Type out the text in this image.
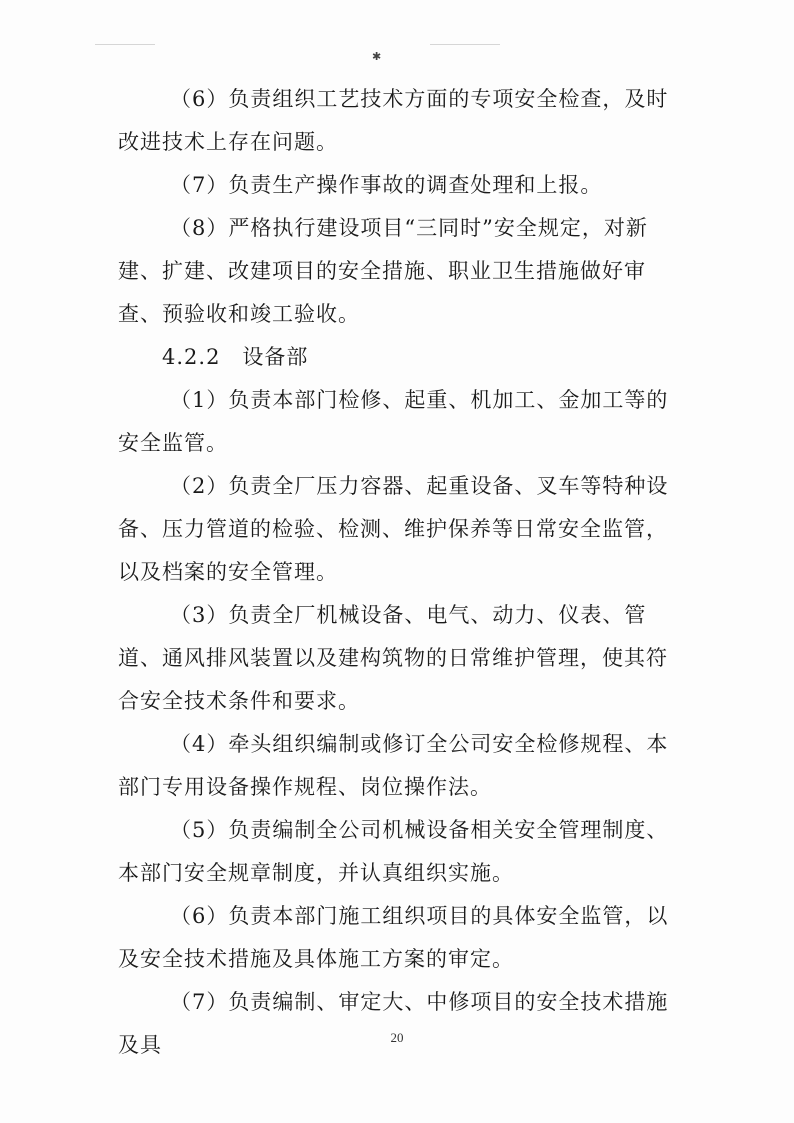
✱

（6）负责组织工艺技术方面的专项安全检查，及时改进技术上存在问题。

（7）负责生产操作事故的调查处理和上报。

（8）严格执行建设项目“三同时”安全规定，对新建、扩建、改建项目的安全措施、职业卫生措施做好审查、预验收和竣工验收。

4.2.2　设备部

（1）负责本部门检修、起重、机加工、金加工等的安全监管。

（2）负责全厂压力容器、起重设备、叉车等特种设备、压力管道的检验、检测、维护保养等日常安全监管，以及档案的安全管理。

（3）负责全厂机械设备、电气、动力、仪表、管道、通风排风装置以及建构筑物的日常维护管理，使其符合安全技术条件和要求。

（4）牵头组织编制或修订全公司安全检修规程、本部门专用设备操作规程、岗位操作法。

（5）负责编制全公司机械设备相关安全管理制度、本部门安全规章制度，并认真组织实施。

（6）负责本部门施工组织项目的具体安全监管，以及安全技术措施及具体施工方案的审定。

（7）负责编制、审定大、中修项目的安全技术措施及具	20
